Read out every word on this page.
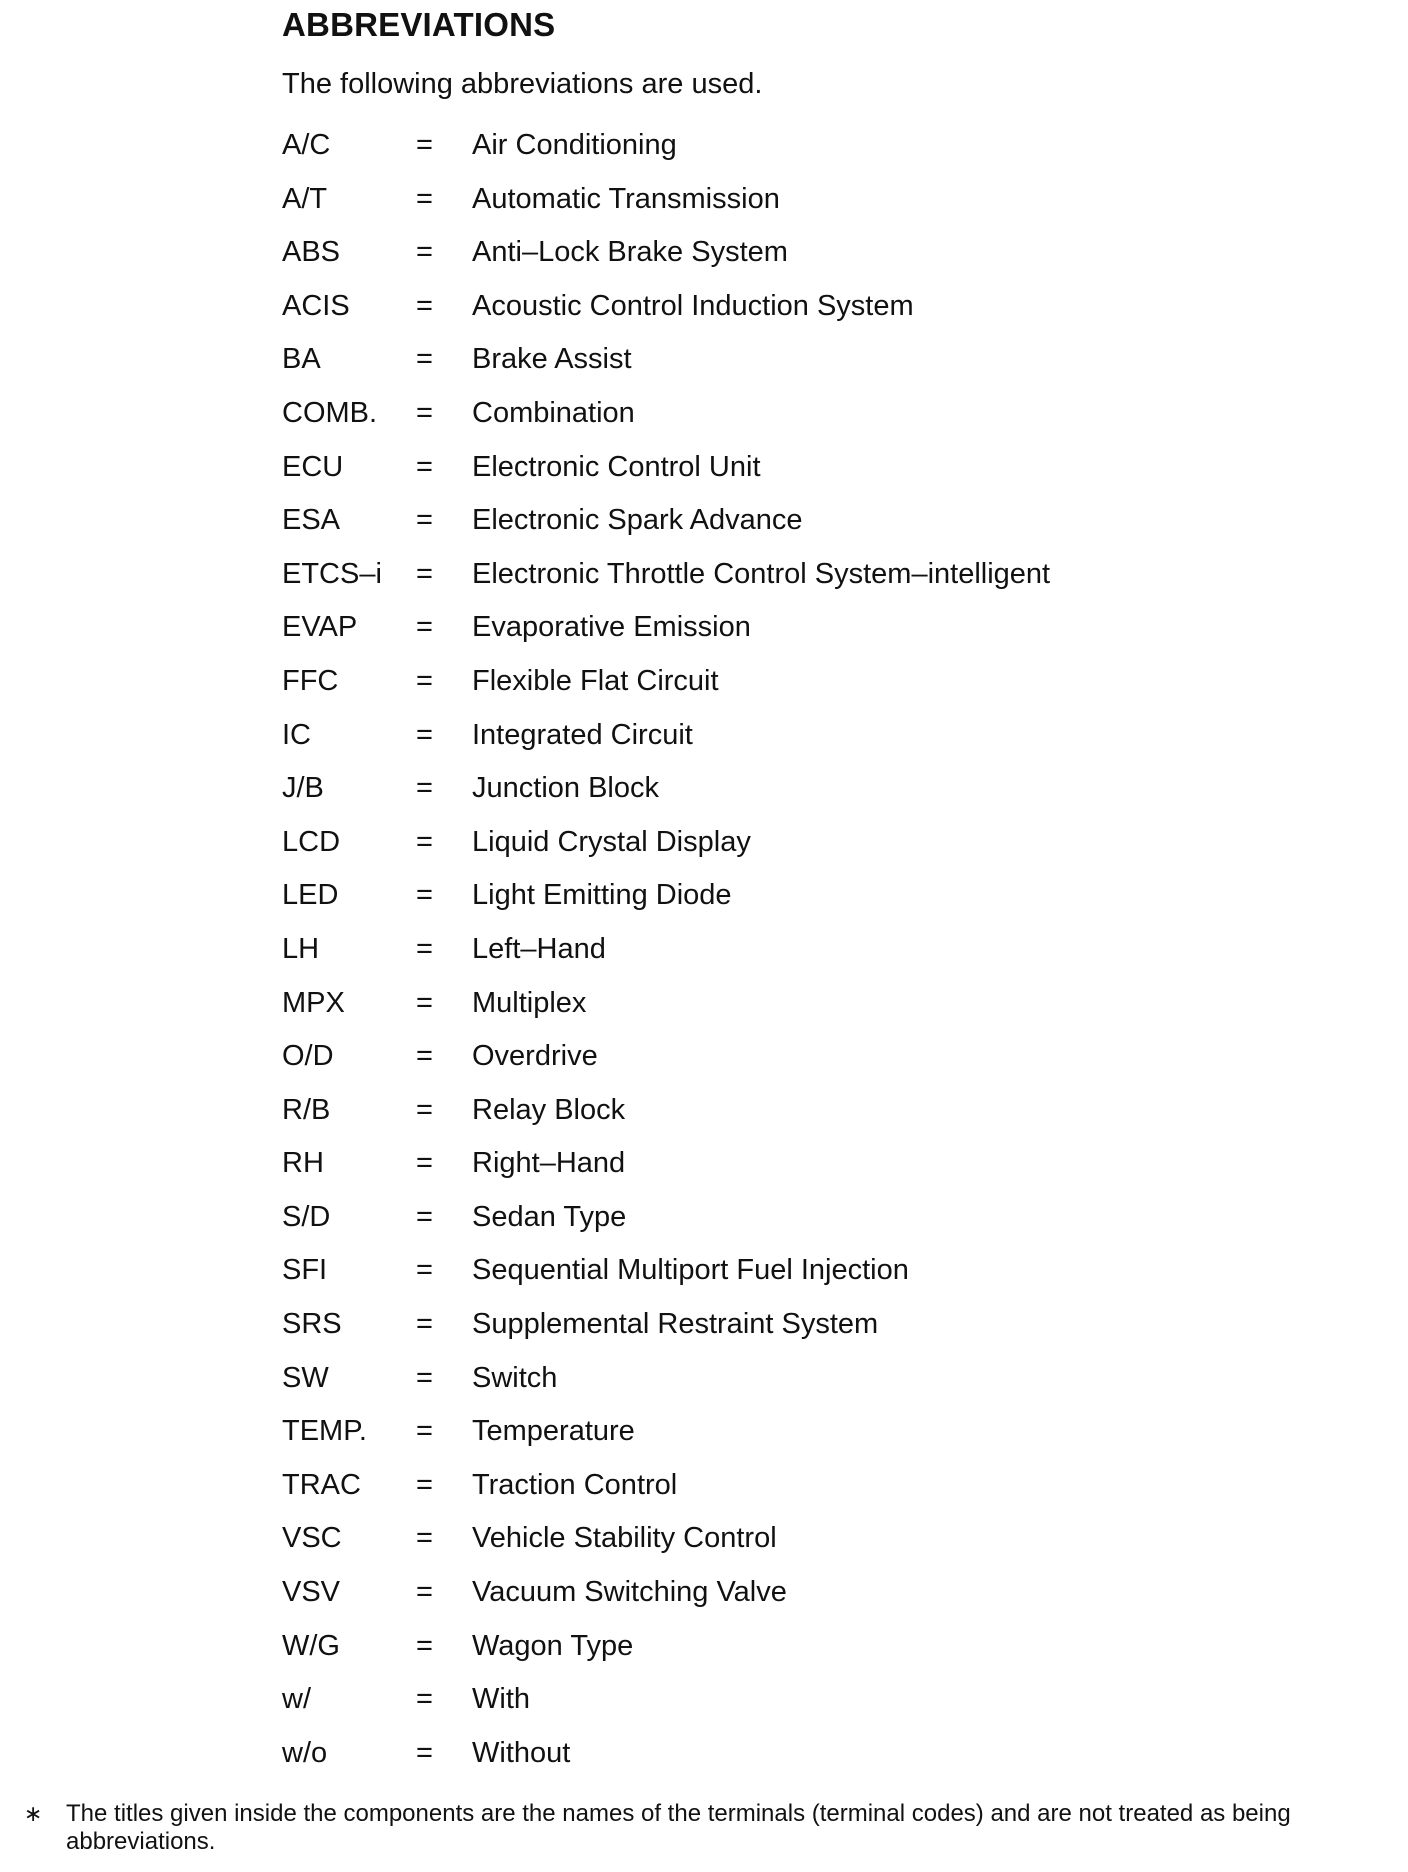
ABBREVIATIONS

The following abbreviations are used.

A/C	=	Air Conditioning
A/T	=	Automatic Transmission
ABS	=	Anti–Lock Brake System
ACIS	=	Acoustic Control Induction System
BA	=	Brake Assist
COMB.	=	Combination
ECU	=	Electronic Control Unit
ESA	=	Electronic Spark Advance
ETCS–i	=	Electronic Throttle Control System–intelligent
EVAP	=	Evaporative Emission
FFC	=	Flexible Flat Circuit
IC	=	Integrated Circuit
J/B	=	Junction Block
LCD	=	Liquid Crystal Display
LED	=	Light Emitting Diode
LH	=	Left–Hand
MPX	=	Multiplex
O/D	=	Overdrive
R/B	=	Relay Block
RH	=	Right–Hand
S/D	=	Sedan Type
SFI	=	Sequential Multiport Fuel Injection
SRS	=	Supplemental Restraint System
SW	=	Switch
TEMP.	=	Temperature
TRAC	=	Traction Control
VSC	=	Vehicle Stability Control
VSV	=	Vacuum Switching Valve
W/G	=	Wagon Type
w/	=	With
w/o	=	Without
∗ The titles given inside the components are the names of the terminals (terminal codes) and are not treated as being abbreviations.
